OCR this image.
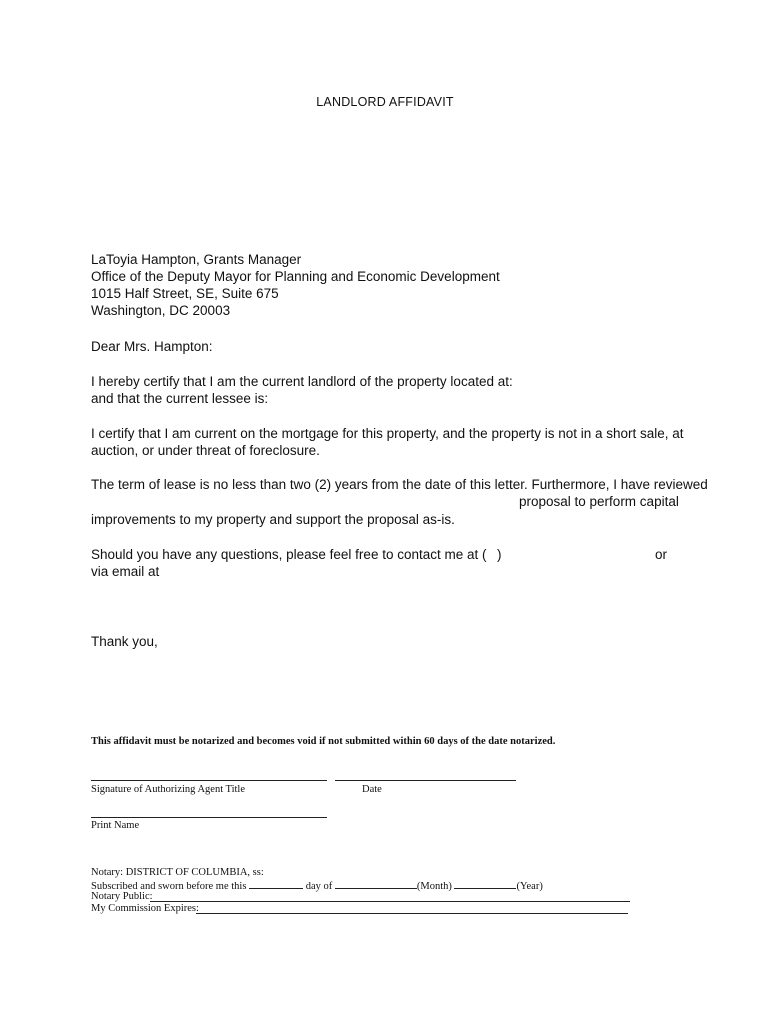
LANDLORD AFFIDAVIT
LaToyia Hampton, Grants Manager
Office of the Deputy Mayor for Planning and Economic Development
1015 Half Street, SE, Suite 675
Washington, DC 20003
Dear Mrs. Hampton:
I hereby certify that I am the current landlord of the property located at:
and that the current lessee is:
I certify that I am current on the mortgage for this property, and the property is not in a short sale, at
auction, or under threat of foreclosure.
The term of lease is no less than two (2) years from the date of this letter. Furthermore, I have reviewed
proposal to perform capital
improvements to my property and support the proposal as-is.
Should you have any questions, please feel free to contact me at ( )	or
via email at
Thank you,
This affidavit must be notarized and becomes void if not submitted within 60 days of the date notarized.
Signature of Authorizing Agent Title	Date
Print Name
Notary: DISTRICT OF COLUMBIA, ss:
Subscribed and sworn before me this	day of	(Month)	(Year)
Notary Public:
My Commission Expires:
